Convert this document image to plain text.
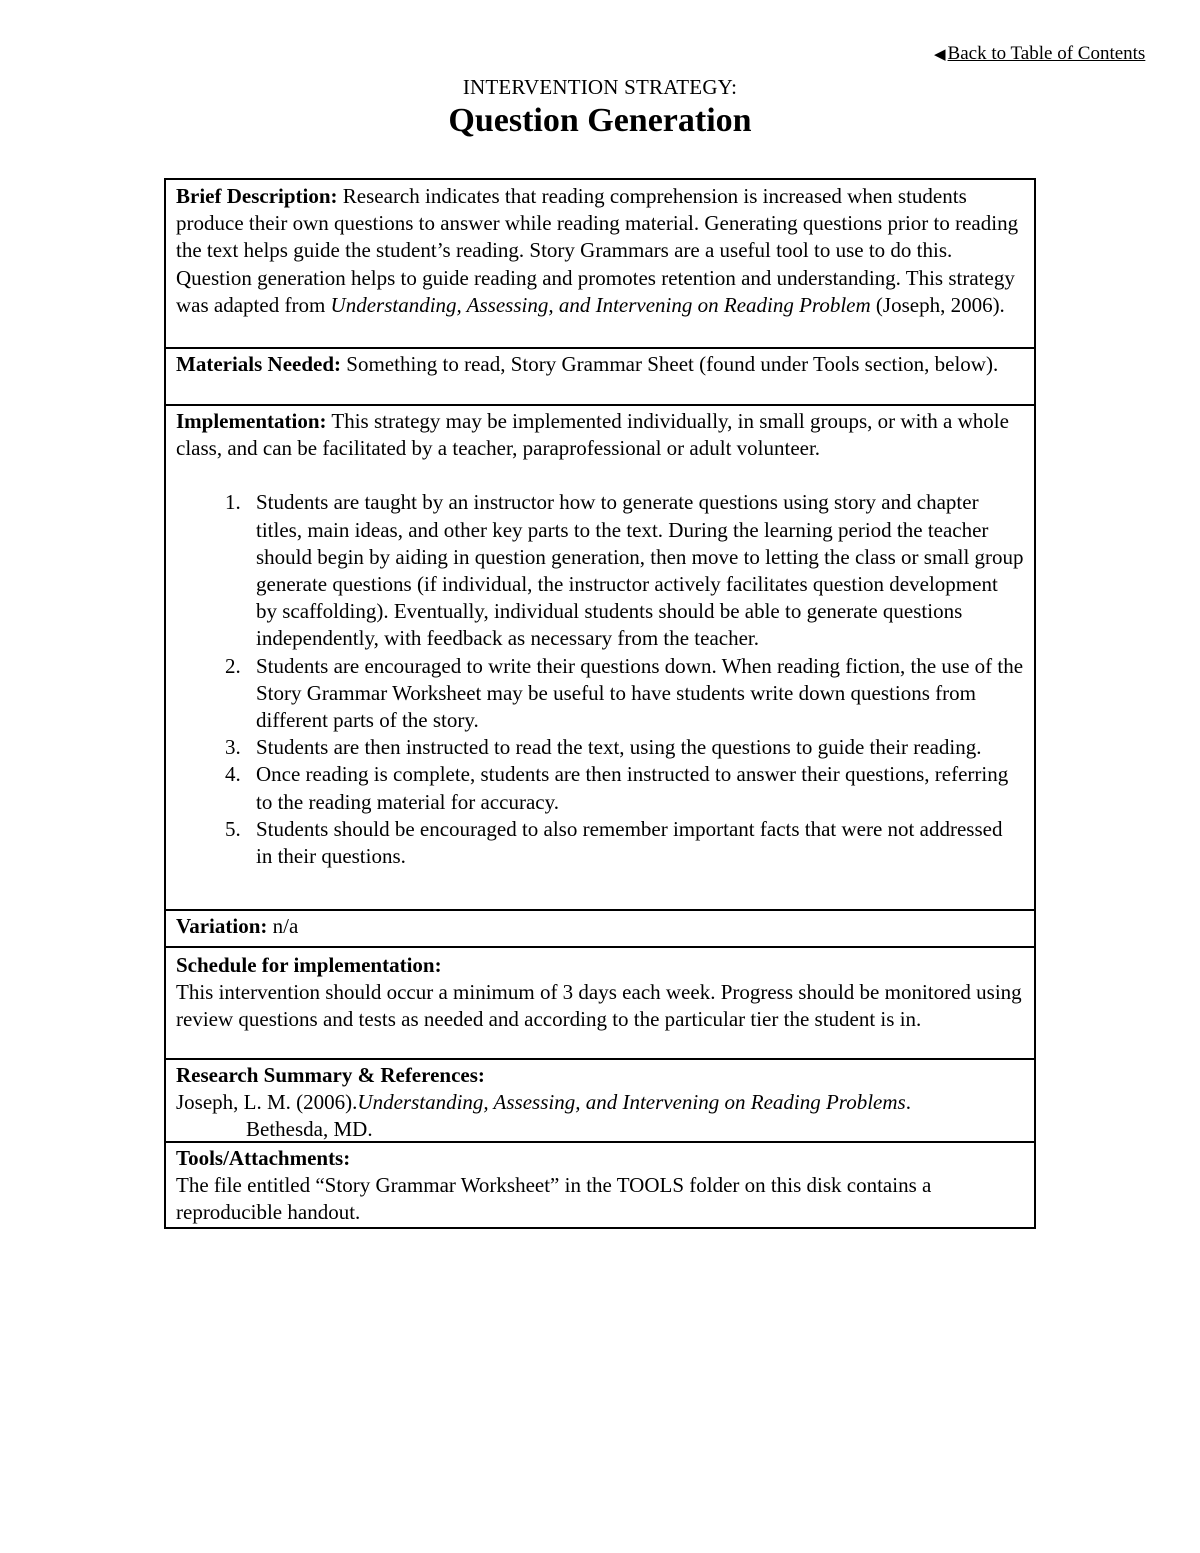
◀ Back to Table of Contents
INTERVENTION STRATEGY:
Question Generation
Brief Description: Research indicates that reading comprehension is increased when students produce their own questions to answer while reading material. Generating questions prior to reading the text helps guide the student’s reading. Story Grammars are a useful tool to use to do this. Question generation helps to guide reading and promotes retention and understanding. This strategy was adapted from Understanding, Assessing, and Intervening on Reading Problem (Joseph, 2006).
Materials Needed: Something to read, Story Grammar Sheet (found under Tools section, below).
Implementation: This strategy may be implemented individually, in small groups, or with a whole class, and can be facilitated by a teacher, paraprofessional or adult volunteer.
1. Students are taught by an instructor how to generate questions using story and chapter titles, main ideas, and other key parts to the text. During the learning period the teacher should begin by aiding in question generation, then move to letting the class or small group generate questions (if individual, the instructor actively facilitates question development by scaffolding). Eventually, individual students should be able to generate questions independently, with feedback as necessary from the teacher.
2. Students are encouraged to write their questions down. When reading fiction, the use of the Story Grammar Worksheet may be useful to have students write down questions from different parts of the story.
3. Students are then instructed to read the text, using the questions to guide their reading.
4. Once reading is complete, students are then instructed to answer their questions, referring to the reading material for accuracy.
5. Students should be encouraged to also remember important facts that were not addressed in their questions.
Variation: n/a
Schedule for implementation:
This intervention should occur a minimum of 3 days each week. Progress should be monitored using review questions and tests as needed and according to the particular tier the student is in.
Research Summary & References:
Joseph, L. M. (2006).Understanding, Assessing, and Intervening on Reading Problems.
Bethesda, MD.
Tools/Attachments:
The file entitled “Story Grammar Worksheet” in the TOOLS folder on this disk contains a reproducible handout.
